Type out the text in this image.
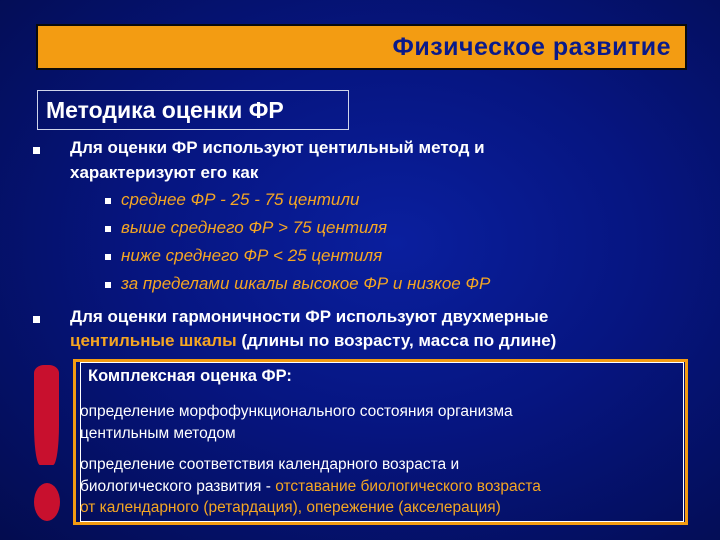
Физическое развитие
Методика оценки ФР
Для оценки ФР используют центильный метод и
характеризуют его как
среднее ФР - 25 - 75 центили
выше среднего ФР > 75 центиля
ниже среднего ФР < 25 центиля
за пределами шкалы высокое ФР и низкое ФР
Для оценки гармоничности ФР используют двухмерные
центильные шкалы (длины по возрасту, масса по длине)
Комплексная оценка ФР:
определение морфофункционального состояния организма
центильным методом
определение соответствия календарного возраста и
биологического развития - отставание биологического возраста
от календарного (ретардация), опережение (акселерация)
